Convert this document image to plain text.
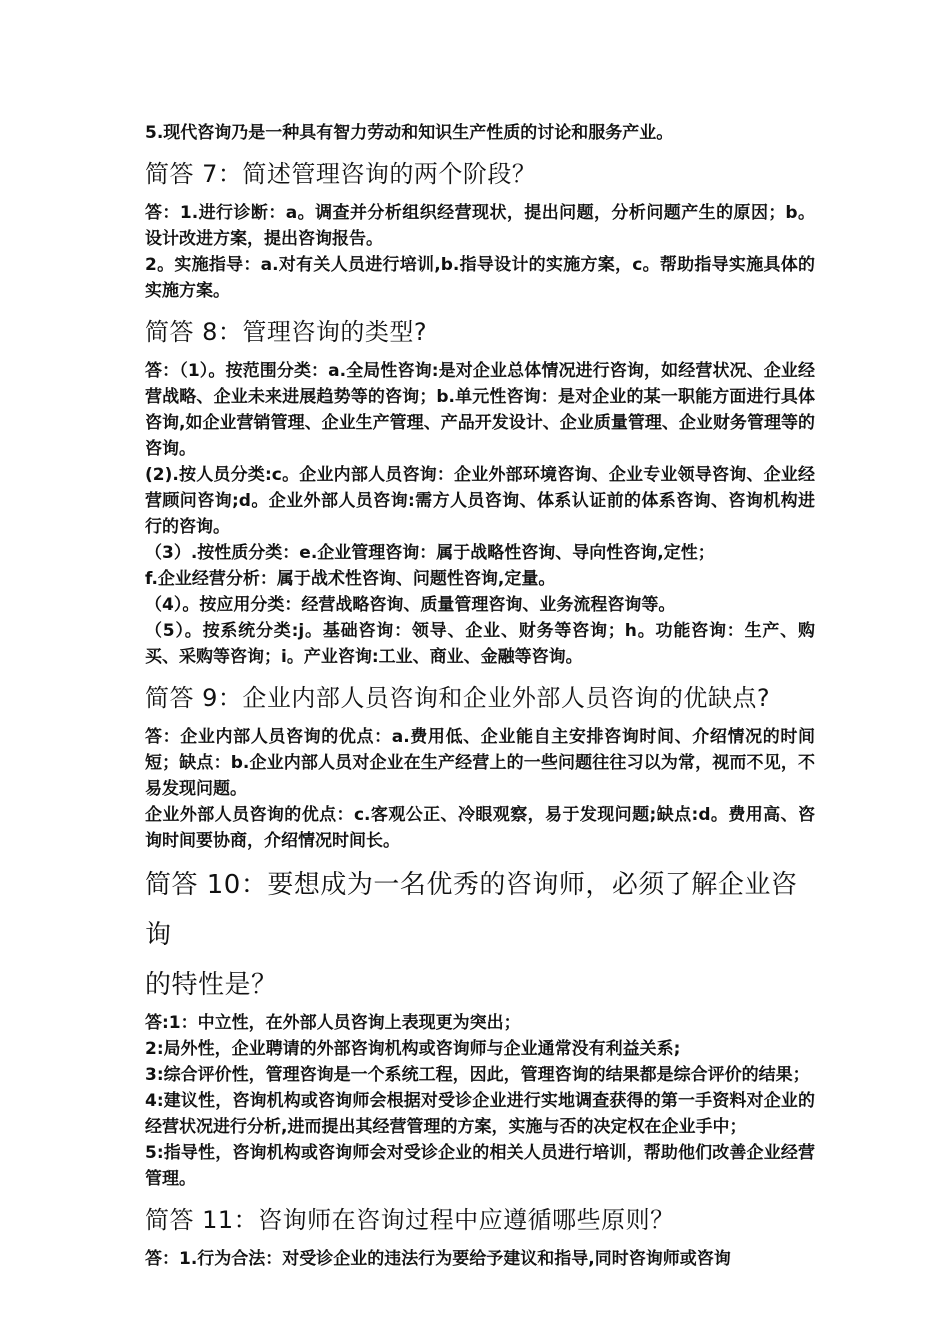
5.现代咨询乃是一种具有智力劳动和知识生产性质的讨论和服务产业。

简答 7：简述管理咨询的两个阶段？

答：1.进行诊断：a。调查并分析组织经营现状，提出问题，分析问题产生的原因；b。设计改进方案，提出咨询报告。

2。实施指导：a.对有关人员进行培训,b.指导设计的实施方案，c。帮助指导实施具体的实施方案。

简答 8：管理咨询的类型?

答：（1）。按范围分类：a.全局性咨询:是对企业总体情况进行咨询，如经营状况、企业经营战略、企业未来进展趋势等的咨询；b.单元性咨询：是对企业的某一职能方面进行具体咨询,如企业营销管理、企业生产管理、产品开发设计、企业质量管理、企业财务管理等的咨询。

(2).按人员分类:c。企业内部人员咨询：企业外部环境咨询、企业专业领导咨询、企业经营顾问咨询;d。企业外部人员咨询:需方人员咨询、体系认证前的体系咨询、咨询机构进行的咨询。

（3）.按性质分类：e.企业管理咨询：属于战略性咨询、导向性咨询,定性；

f.企业经营分析：属于战术性咨询、问题性咨询,定量。

（4）。按应用分类：经营战略咨询、质量管理咨询、业务流程咨询等。

（5）。按系统分类:j。基础咨询：领导、企业、财务等咨询；h。功能咨询：生产、购买、采购等咨询；i。产业咨询:工业、商业、金融等咨询。

简答 9：企业内部人员咨询和企业外部人员咨询的优缺点?

答：企业内部人员咨询的优点：a.费用低、企业能自主安排咨询时间、介绍情况的时间短；缺点：b.企业内部人员对企业在生产经营上的一些问题往往习以为常，视而不见，不易发现问题。

企业外部人员咨询的优点：c.客观公正、冷眼观察，易于发现问题;缺点:d。费用高、咨询时间要协商，介绍情况时间长。

简答 10：要想成为一名优秀的咨询师，必须了解企业咨询
的特性是？

答:1：中立性，在外部人员咨询上表现更为突出；

2:局外性，企业聘请的外部咨询机构或咨询师与企业通常没有利益关系;

3:综合评价性，管理咨询是一个系统工程，因此，管理咨询的结果都是综合评价的结果；

4:建议性，咨询机构或咨询师会根据对受诊企业进行实地调查获得的第一手资料对企业的经营状况进行分析,进而提出其经营管理的方案，实施与否的决定权在企业手中；

5:指导性，咨询机构或咨询师会对受诊企业的相关人员进行培训，帮助他们改善企业经营管理。

简答 11：咨询师在咨询过程中应遵循哪些原则？

答：1.行为合法：对受诊企业的违法行为要给予建议和指导,同时咨询师或咨询
